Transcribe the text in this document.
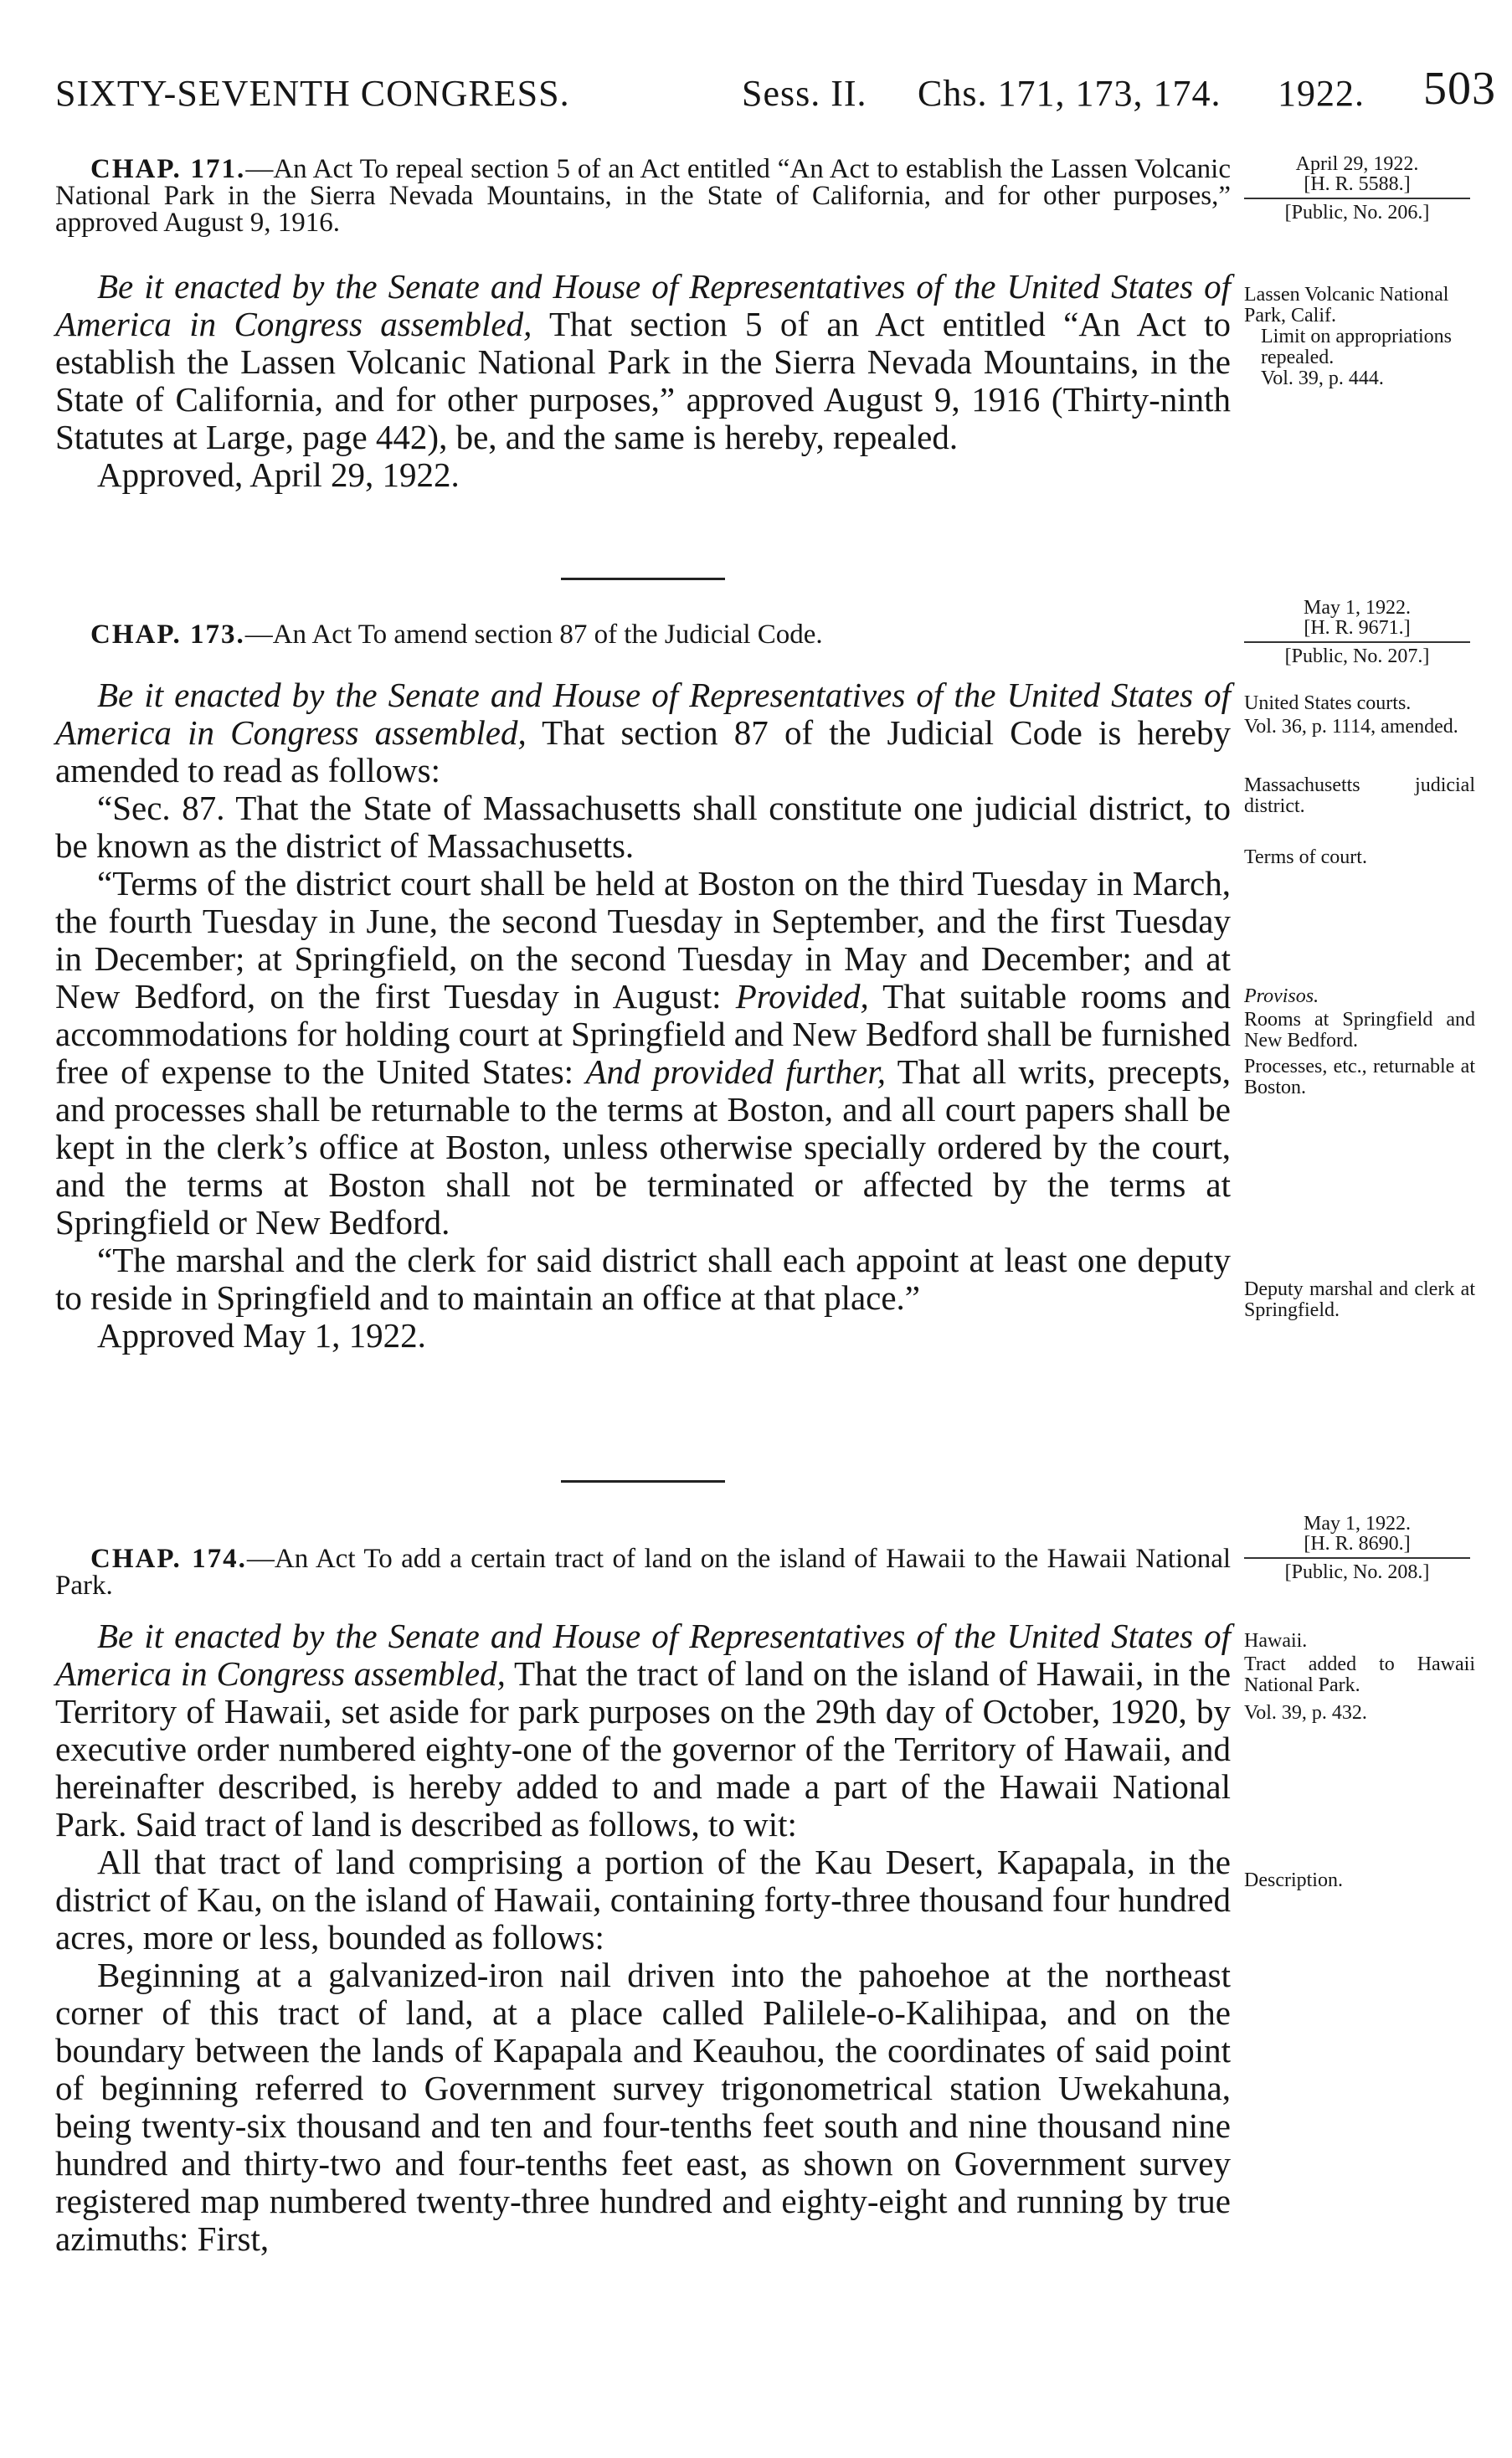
SIXTY-SEVENTH CONGRESS.	Sess. II. Chs. 171, 173, 174. 1922. 503

CHAP. 171.—An Act To repeal section 5 of an Act entitled “An Act to establish the Lassen Volcanic National Park in the Sierra Nevada Mountains, in the State of California, and for other purposes,” approved August 9, 1916.

April 29, 1922.
[H. R. 5588.]
[Public, No. 206.]

Be it enacted by the Senate and House of Representatives of the United States of America in Congress assembled, That section 5 of an Act entitled “An Act to establish the Lassen Volcanic National Park in the Sierra Nevada Mountains, in the State of California, and for other purposes,” approved August 9, 1916 (Thirty-ninth Statutes at Large, page 442), be, and the same is hereby, repealed.

Approved, April 29, 1922.

Lassen Volcanic National Park, Calif.
Limit on appropriations repealed.
Vol. 39, p. 444.

CHAP. 173.—An Act To amend section 87 of the Judicial Code.

May 1, 1922.
[H. R. 9671.]
[Public, No. 207.]

Be it enacted by the Senate and House of Representatives of the United States of America in Congress assembled, That section 87 of the Judicial Code is hereby amended to read as follows:

“Sec. 87. That the State of Massachusetts shall constitute one judicial district, to be known as the district of Massachusetts.

“Terms of the district court shall be held at Boston on the third Tuesday in March, the fourth Tuesday in June, the second Tuesday in September, and the first Tuesday in December; at Springfield, on the second Tuesday in May and December; and at New Bedford, on the first Tuesday in August: Provided, That suitable rooms and accommodations for holding court at Springfield and New Bedford shall be furnished free of expense to the United States: And provided further, That all writs, precepts, and processes shall be returnable to the terms at Boston, and all court papers shall be kept in the clerk’s office at Boston, unless otherwise specially ordered by the court, and the terms at Boston shall not be terminated or affected by the terms at Springfield or New Bedford.

“The marshal and the clerk for said district shall each appoint at least one deputy to reside in Springfield and to maintain an office at that place.”

Approved May 1, 1922.

United States courts.
Vol. 36, p. 1114, amended.
Massachusetts judicial district.
Terms of court.
Provisos.
Rooms at Springfield and New Bedford.
Processes, etc., returnable at Boston.
Deputy marshal and clerk at Springfield.

CHAP. 174.—An Act To add a certain tract of land on the island of Hawaii to the Hawaii National Park.

May 1, 1922.
[H. R. 8690.]
[Public, No. 208.]

Be it enacted by the Senate and House of Representatives of the United States of America in Congress assembled, That the tract of land on the island of Hawaii, in the Territory of Hawaii, set aside for park purposes on the 29th day of October, 1920, by executive order numbered eighty-one of the governor of the Territory of Hawaii, and hereinafter described, is hereby added to and made a part of the Hawaii National Park. Said tract of land is described as follows, to wit:

All that tract of land comprising a portion of the Kau Desert, Kapapala, in the district of Kau, on the island of Hawaii, containing forty-three thousand four hundred acres, more or less, bounded as follows:

Beginning at a galvanized-iron nail driven into the pahoehoe at the northeast corner of this tract of land, at a place called Palilele-o-Kalihipaa, and on the boundary between the lands of Kapapala and Keauhou, the coordinates of said point of beginning referred to Government survey trigonometrical station Uwekahuna, being twenty-six thousand and ten and four-tenths feet south and nine thousand nine hundred and thirty-two and four-tenths feet east, as shown on Government survey registered map numbered twenty-three hundred and eighty-eight and running by true azimuths: First,

Hawaii.
Tract added to Hawaii National Park.
Vol. 39, p. 432.
Description.
